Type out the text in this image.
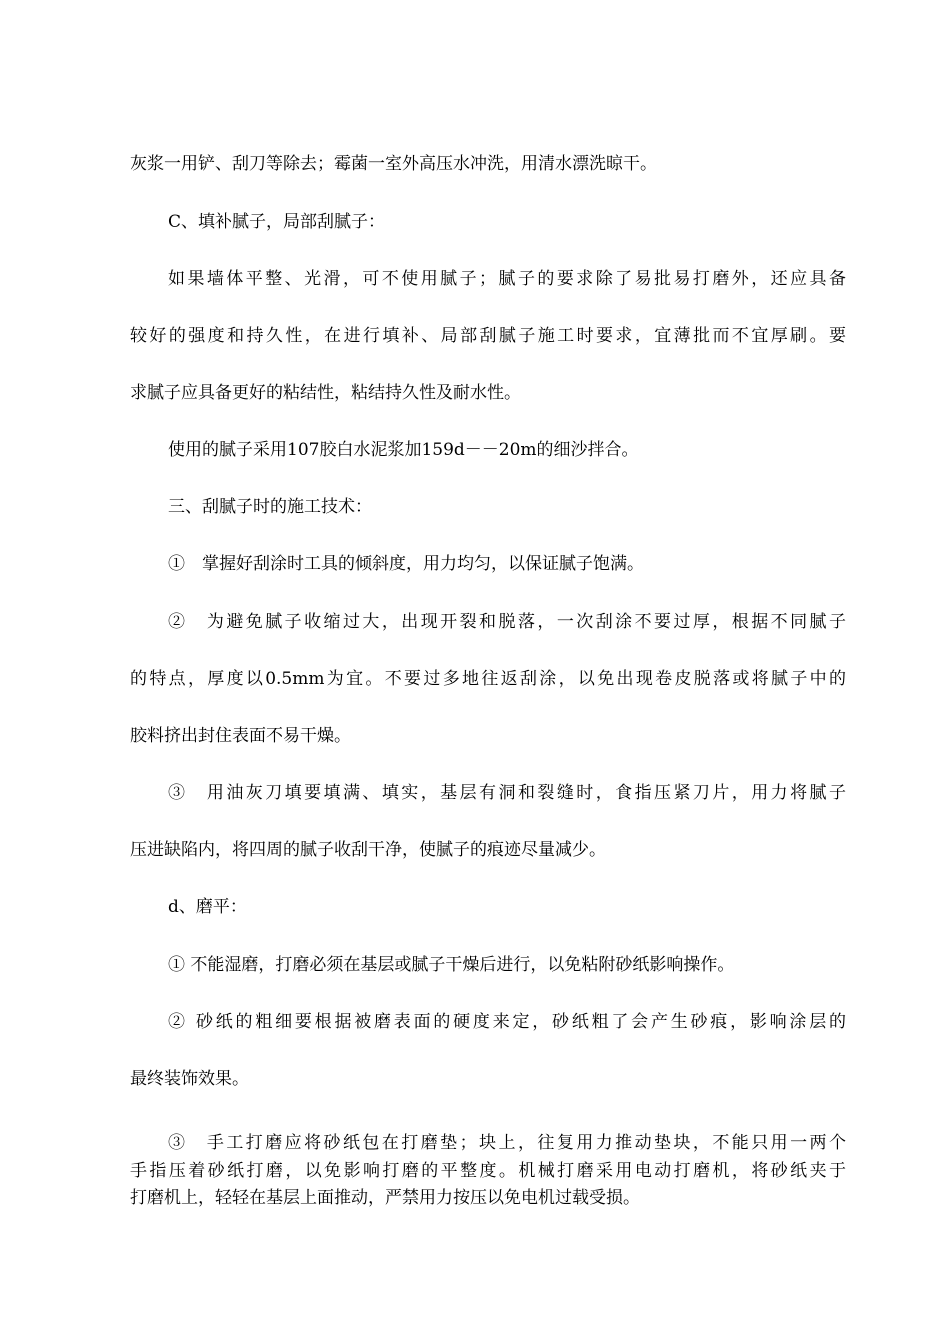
灰浆一用铲、刮刀等除去；霉菌一室外高压水冲洗，用清水漂洗晾干。
C、填补腻子，局部刮腻子：
如果墙体平整、光滑，可不使用腻子；腻子的要求除了易批易打磨外，还应具备
较好的强度和持久性，在进行填补、局部刮腻子施工时要求，宜薄批而不宜厚刷。要
求腻子应具备更好的粘结性，粘结持久性及耐水性。
使用的腻子采用107胶白水泥浆加159d－－20m的细沙拌合。
三、刮腻子时的施工技术：
①　掌握好刮涂时工具的倾斜度，用力均匀，以保证腻子饱满。
②　为避免腻子收缩过大，出现开裂和脱落，一次刮涂不要过厚，根据不同腻子
的特点，厚度以0.5mm为宜。不要过多地往返刮涂，以免出现卷皮脱落或将腻子中的
胶料挤出封住表面不易干燥。
③　用油灰刀填要填满、填实，基层有洞和裂缝时，食指压紧刀片，用力将腻子
压进缺陷内，将四周的腻子收刮干净，使腻子的痕迹尽量减少。
d、磨平：
① 不能湿磨，打磨必须在基层或腻子干燥后进行，以免粘附砂纸影响操作。
② 砂纸的粗细要根据被磨表面的硬度来定，砂纸粗了会产生砂痕，影响涂层的
最终装饰效果。
③　手工打磨应将砂纸包在打磨垫；块上，往复用力推动垫块，不能只用一两个
手指压着砂纸打磨，以免影响打磨的平整度。机械打磨采用电动打磨机，将砂纸夹于
打磨机上，轻轻在基层上面推动，严禁用力按压以免电机过载受损。
